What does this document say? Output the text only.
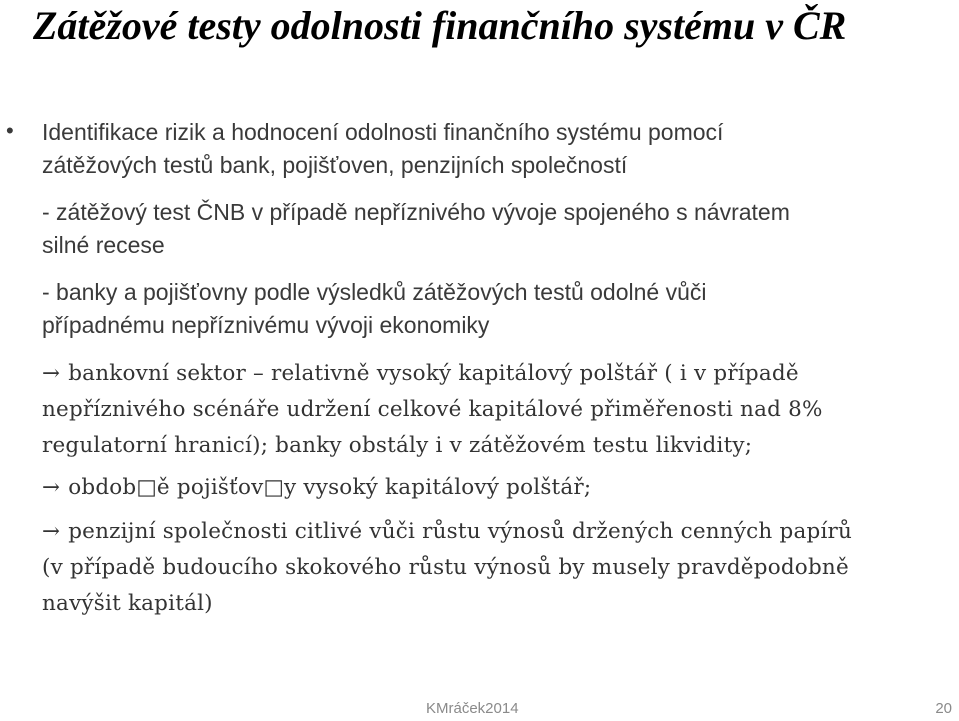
Zátěžové testy odolnosti finančního systému v ČR
• Identifikace rizik a hodnocení odolnosti finančního systému pomocí
zátěžových testů bank, pojišťoven, penzijních společností
- zátěžový test ČNB v případě nepříznivého vývoje spojeného s návratem
silné recese
- banky a pojišťovny podle výsledků zátěžových testů odolné vůči
případnému nepříznivému vývoji ekonomiky
→ bankovní sektor – relativně vysoký kapitálový polštář ( i v případě
nepříznivého scénáře udržení celkové kapitálové přiměřenosti nad 8%
regulatorní hranicí); banky obstály i v zátěžovém testu likvidity;
→ obdob□ě pojišťov□y vysoký kapitálový polštář;
→ penzijní společnosti citlivé vůči růstu výnosů držených cenných papírů
(v případě budoucího skokového růstu výnosů by musely pravděpodobně
navýšit kapitál)
KMráček2014	20
